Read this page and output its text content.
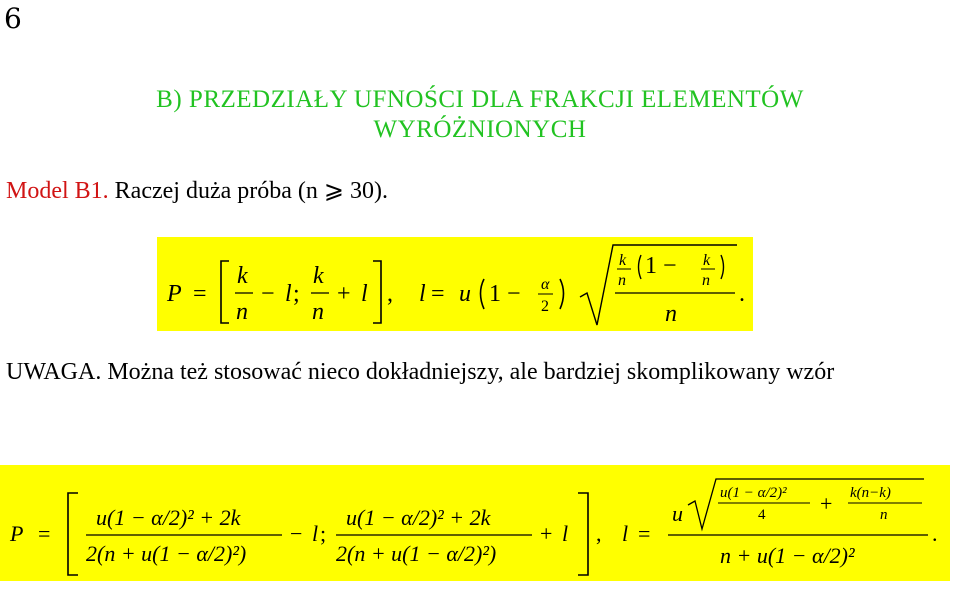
6
B) PRZEDZIAŁY UFNOŚCI DLA FRAKCJI ELEMENTÓW
WYRÓŻNIONYCH
Model B1. Raczej duża próba (n ⩾ 30).
P =
k
n
− l ;
k
n
+ l , l = u 1 − α
2
k
n
1 − k
n
n
.
UWAGA. Można też stosować nieco dokładniejszy, ale bardziej skomplikowany wzór
P =
u(1 − α/2)² + 2k
2(n + u(1 − α/2)²)
− l ;
u(1 − α/2)² + 2k
2(n + u(1 − α/2)²)
+ l , l =
u
u(1 − α/2)²
4 + k(n−k)
n
n + u(1 − α/2)²
.
